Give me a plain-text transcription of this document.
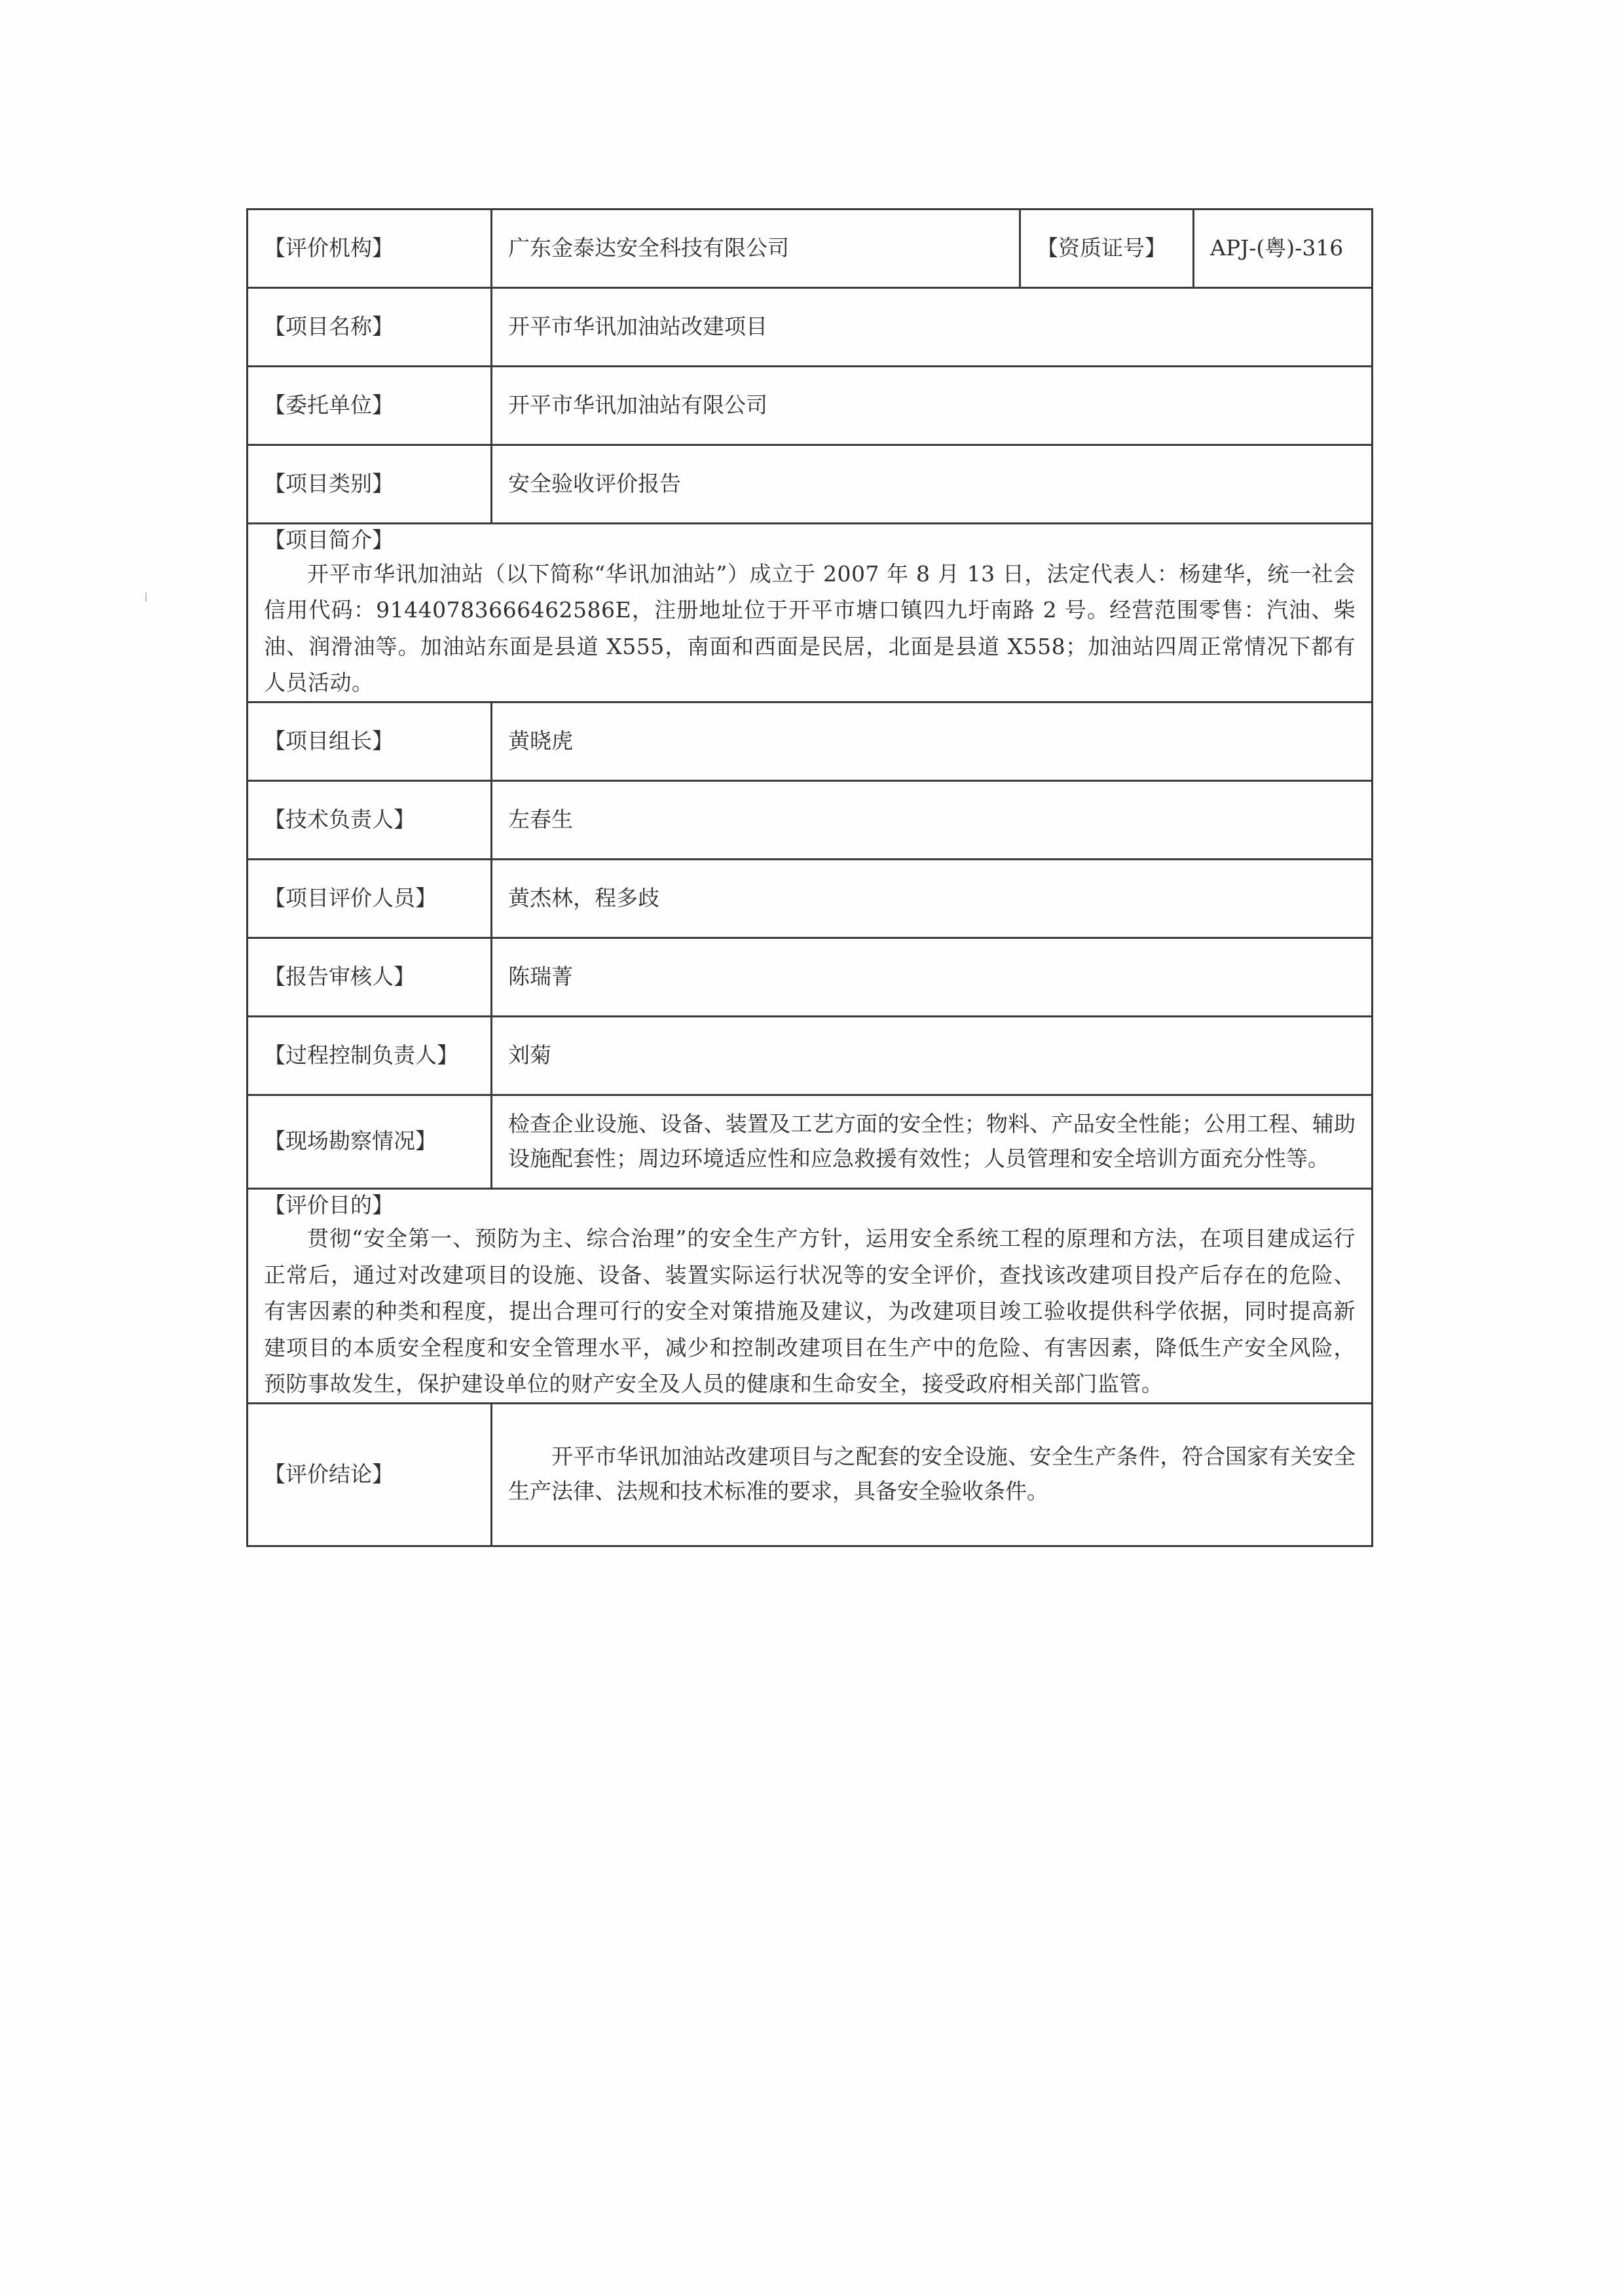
【评价机构】	广东金泰达安全科技有限公司	【资质证号】	APJ-(粤)-316
【项目名称】	开平市华讯加油站改建项目		
【委托单位】	开平市华讯加油站有限公司		
【项目类别】	安全验收评价报告		

【项目简介】
开平市华讯加油站（以下简称“华讯加油站”）成立于 2007 年 8 月 13 日，法定代表人：杨建华，统一社会信用代码：91440783666462586E，注册地址位于开平市塘口镇四九圩南路 2 号。经营范围零售：汽油、柴油、润滑油等。加油站东面是县道 X555，南面和西面是民居，北面是县道 X558；加油站四周正常情况下都有人员活动。			

【项目组长】	黄晓虎		
【技术负责人】	左春生		
【项目评价人员】	黄杰林，程多歧		
【报告审核人】	陈瑞菁		
【过程控制负责人】	刘菊		
【现场勘察情况】	检查企业设施、设备、装置及工艺方面的安全性；物料、产品安全性能；公用工程、辅助设施配套性；周边环境适应性和应急救援有效性；人员管理和安全培训方面充分性等。		

【评价目的】
贯彻“安全第一、预防为主、综合治理”的安全生产方针，运用安全系统工程的原理和方法，在项目建成运行正常后，通过对改建项目的设施、设备、装置实际运行状况等的安全评价，查找该改建项目投产后存在的危险、有害因素的种类和程度，提出合理可行的安全对策措施及建议，为改建项目竣工验收提供科学依据，同时提高新建项目的本质安全程度和安全管理水平，减少和控制改建项目在生产中的危险、有害因素，降低生产安全风险，预防事故发生，保护建设单位的财产安全及人员的健康和生命安全，接受政府相关部门监管。			

【评价结论】	开平市华讯加油站改建项目与之配套的安全设施、安全生产条件，符合国家有关安全生产法律、法规和技术标准的要求，具备安全验收条件。		
